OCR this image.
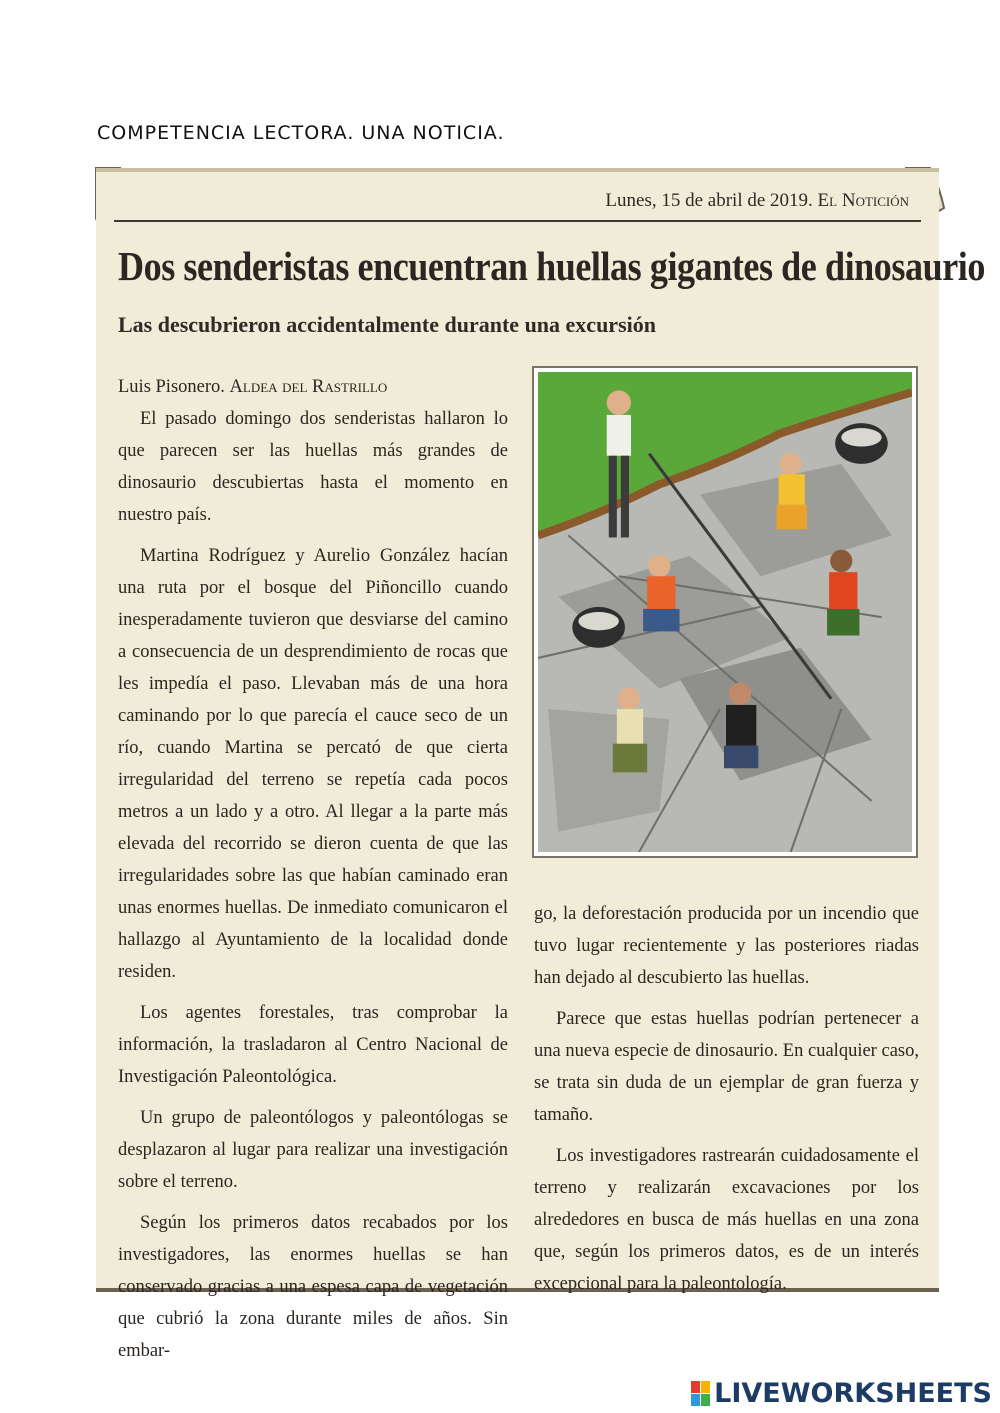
COMPETENCIA LECTORA. UNA NOTICIA.
Lunes, 15 de abril de 2019. El Notición
Dos senderistas encuentran huellas gigantes de dinosaurio
Las descubrieron accidentalmente durante una excursión

Luis Pisonero. Aldea del Rastrillo

El pasado domingo dos senderistas hallaron lo que parecen ser las huellas más grandes de dinosaurio descubiertas hasta el momento en nuestro país.

Martina Rodríguez y Aurelio González hacían una ruta por el bosque del Piñoncillo cuando inesperadamente tuvieron que desviarse del camino a consecuencia de un desprendimiento de rocas que les impedía el paso. Llevaban más de una hora caminando por lo que parecía el cauce seco de un río, cuando Martina se percató de que cierta irregularidad del terreno se repetía cada pocos metros a un lado y a otro. Al llegar a la parte más elevada del recorrido se dieron cuenta de que las irregularidades sobre las que habían caminado eran unas enormes huellas. De inmediato comunicaron el hallazgo al Ayuntamiento de la localidad donde residen.

Los agentes forestales, tras comprobar la información, la trasladaron al Centro Nacional de Investigación Paleontológica.

Un grupo de paleontólogos y paleontólogas se desplazaron al lugar para realizar una investigación sobre el terreno.

Según los primeros datos recabados por los investigadores, las enormes huellas se han conservado gracias a una espesa capa de vegetación que cubrió la zona durante miles de años. Sin embar-

go, la deforestación producida por un incendio que tuvo lugar recientemente y las posteriores riadas han dejado al descubierto las huellas.

Parece que estas huellas podrían pertenecer a una nueva especie de dinosaurio. En cualquier caso, se trata sin duda de un ejemplar de gran fuerza y tamaño.

Los investigadores rastrearán cuidadosamente el terreno y realizarán excavaciones por los alrededores en busca de más huellas en una zona que, según los primeros datos, es de un interés excepcional para la paleontología.

LIVEWORKSHEETS
